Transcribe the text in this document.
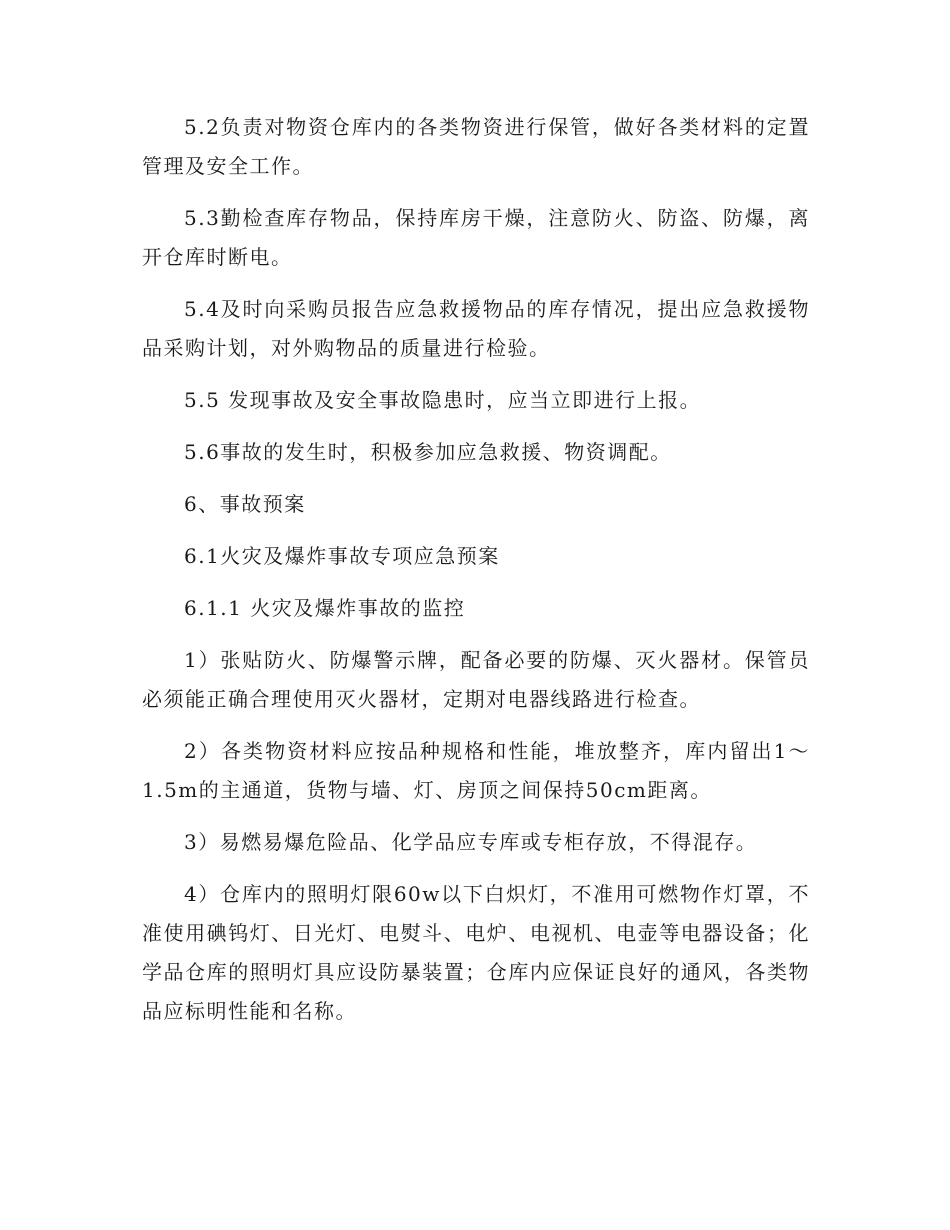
5.2负责对物资仓库内的各类物资进行保管，做好各类材料的定置管理及安全工作。

5.3勤检查库存物品，保持库房干燥，注意防火、防盗、防爆，离开仓库时断电。

5.4及时向采购员报告应急救援物品的库存情况，提出应急救援物品采购计划，对外购物品的质量进行检验。

5.5 发现事故及安全事故隐患时，应当立即进行上报。

5.6事故的发生时，积极参加应急救援、物资调配。

6、事故预案

6.1火灾及爆炸事故专项应急预案

6.1.1 火灾及爆炸事故的监控

1）张贴防火、防爆警示牌，配备必要的防爆、灭火器材。保管员必须能正确合理使用灭火器材，定期对电器线路进行检查。

2）各类物资材料应按品种规格和性能，堆放整齐，库内留出1～1.5m的主通道，货物与墙、灯、房顶之间保持50cm距离。

3）易燃易爆危险品、化学品应专库或专柜存放，不得混存。

4）仓库内的照明灯限60w以下白炽灯，不准用可燃物作灯罩，不准使用碘钨灯、日光灯、电熨斗、电炉、电视机、电壶等电器设备；化学品仓库的照明灯具应设防暴装置；仓库内应保证良好的通风，各类物品应标明性能和名称。
